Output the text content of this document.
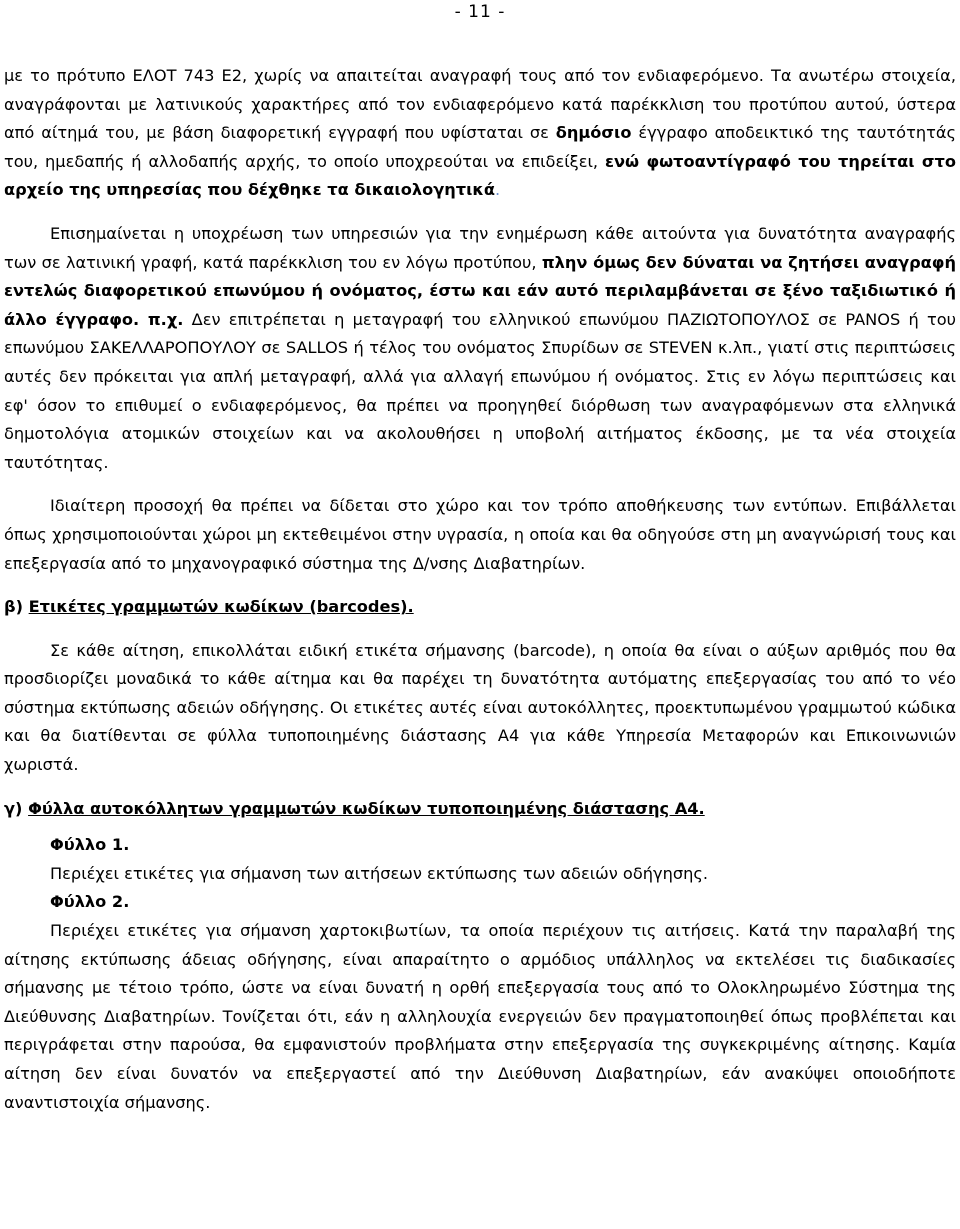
- 11 -

με το πρότυπο ΕΛΟΤ 743 Ε2, χωρίς να απαιτείται αναγραφή τους από τον ενδιαφερόμενο. Τα ανωτέρω στοιχεία, αναγράφονται με λατινικούς χαρακτήρες από τον ενδιαφερόμενο κατά παρέκκλιση του προτύπου αυτού, ύστερα από αίτημά του, με βάση διαφορετική εγγραφή που υφίσταται σε δημόσιο έγγραφο αποδεικτικό της ταυτότητάς του, ημεδαπής ή αλλοδαπής αρχής, το οποίο υποχρεούται να επιδείξει, ενώ φωτοαντίγραφό του τηρείται στο αρχείο της υπηρεσίας που δέχθηκε τα δικαιολογητικά.

Επισημαίνεται η υποχρέωση των υπηρεσιών για την ενημέρωση κάθε αιτούντα για δυνατότητα αναγραφής των σε λατινική γραφή, κατά παρέκκλιση του εν λόγω προτύπου, πλην όμως δεν δύναται να ζητήσει αναγραφή εντελώς διαφορετικού επωνύμου ή ονόματος, έστω και εάν αυτό περιλαμβάνεται σε ξένο ταξιδιωτικό ή άλλο έγγραφο. π.χ. Δεν επιτρέπεται η μεταγραφή του ελληνικού επωνύμου ΠΑΖΙΩΤΟΠΟΥΛΟΣ σε PANOS ή του επωνύμου ΣΑΚΕΛΛΑΡΟΠΟΥΛΟΥ σε SALLOS ή τέλος του ονόματος Σπυρίδων σε STEVEN κ.λπ., γιατί στις περιπτώσεις αυτές δεν πρόκειται για απλή μεταγραφή, αλλά για αλλαγή επωνύμου ή ονόματος. Στις εν λόγω περιπτώσεις και εφ' όσον το επιθυμεί ο ενδιαφερόμενος, θα πρέπει να προηγηθεί διόρθωση των αναγραφόμενων στα ελληνικά δημοτολόγια ατομικών στοιχείων και να ακολουθήσει η υποβολή αιτήματος έκδοσης, με τα νέα στοιχεία ταυτότητας.

Ιδιαίτερη προσοχή θα πρέπει να δίδεται στο χώρο και τον τρόπο αποθήκευσης των εντύπων. Επιβάλλεται όπως χρησιμοποιούνται χώροι μη εκτεθειμένοι στην υγρασία, η οποία και θα οδηγούσε στη μη αναγνώρισή τους και επεξεργασία από το μηχανογραφικό σύστημα της Δ/νσης Διαβατηρίων.

β) Ετικέτες γραμμωτών κωδίκων (barcodes).

Σε κάθε αίτηση, επικολλάται ειδική ετικέτα σήμανσης (barcode), η οποία θα είναι ο αύξων αριθμός που θα προσδιορίζει μοναδικά το κάθε αίτημα και θα παρέχει τη δυνατότητα αυτόματης επεξεργασίας του από το νέο σύστημα εκτύπωσης αδειών οδήγησης. Οι ετικέτες αυτές είναι αυτοκόλλητες, προεκτυπωμένου γραμμωτού κώδικα και θα διατίθενται σε φύλλα τυποποιημένης διάστασης Α4 για κάθε Υπηρεσία Μεταφορών και Επικοινωνιών χωριστά.

γ) Φύλλα αυτοκόλλητων γραμμωτών κωδίκων τυποποιημένης διάστασης Α4.

Φύλλο 1.
Περιέχει ετικέτες για σήμανση των αιτήσεων εκτύπωσης των αδειών οδήγησης.
Φύλλο 2.

Περιέχει ετικέτες για σήμανση χαρτοκιβωτίων, τα οποία περιέχουν τις αιτήσεις. Κατά την παραλαβή της αίτησης εκτύπωσης άδειας οδήγησης, είναι απαραίτητο ο αρμόδιος υπάλληλος να εκτελέσει τις διαδικασίες σήμανσης με τέτοιο τρόπο, ώστε να είναι δυνατή η ορθή επεξεργασία τους από το Ολοκληρωμένο Σύστημα της Διεύθυνσης Διαβατηρίων. Τονίζεται ότι, εάν η αλληλουχία ενεργειών δεν πραγματοποιηθεί όπως προβλέπεται και περιγράφεται στην παρούσα, θα εμφανιστούν προβλήματα στην επεξεργασία της συγκεκριμένης αίτησης. Καμία αίτηση δεν είναι δυνατόν να επεξεργαστεί από την Διεύθυνση Διαβατηρίων, εάν ανακύψει οποιοδήποτε αναντιστοιχία σήμανσης.
